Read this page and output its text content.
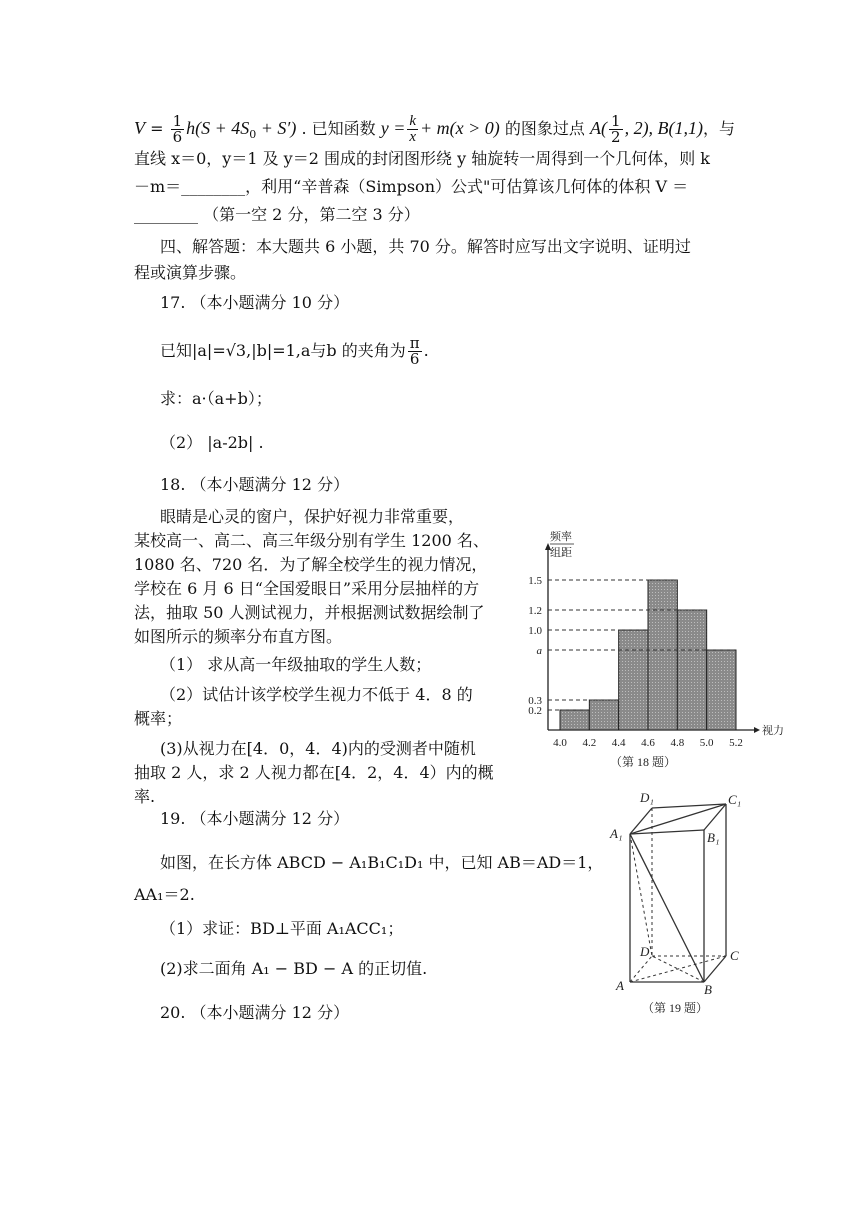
$V = \frac{1}{6} h(S + 4S_0 + S')$ . 已知函数 $y = \frac{k}{x} + m(x > 0)$ 的图象过点 $A( \frac{1}{2}$ , 2), B(1,1)，与
直线 x＝0，y＝1 及 y＝2 围成的封闭图形绕 y 轴旋转一周得到一个几何体，则 k
－m＝________，利用“辛普森（Simpson）公式"可估算该几何体的体积 V ＝
________ （第一空 2 分，第二空 3 分）
四、解答题：本大题共 6 小题，共 70 分。解答时应写出文字说明、证明过
程或演算步骤。
17. （本小题满分 10 分）
已知|a|=√3,|b|=1,a与b 的夹角为 $\frac{\pi}{6}$ .
求：a·（a+b）；
（2） |a-2b| .
18. （本小题满分 12 分）
眼睛是心灵的窗户，保护好视力非常重要，
某校高一、高二、高三年级分别有学生 1200 名、
1080 名、720 名．为了解全校学生的视力情况，
学校在 6 月 6 日“全国爱眼日”采用分层抽样的方
法，抽取 50 人测试视力，并根据测试数据绘制了
如图所示的频率分布直方图。
（1） 求从高一年级抽取的学生人数；
（2）试估计该学校学生视力不低于 4．8 的
概率；
(3)从视力在[4．0，4．4)内的受测者中随机
抽取 2 人，求 2 人视力都在[4．2，4．4）内的概
率.
0.2
0.3
a
1.0
1.2
1.5
4.0 4.2 4.4 4.6 4.8 5.0 5.2
频率
组距
视力
（第 18 题）
19. （本小题满分 12 分）
如图，在长方体 ABCD − A₁B₁C₁D₁ 中，已知 AB＝AD＝1，
AA₁＝2.
（1）求证：BD⊥平面 A₁ACC₁；
(2)求二面角 A₁ − BD − A 的正切值.
D₁	C₁
A₁	B₁
D	C
A	B
（第 19 题）
20. （本小题满分 12 分）
